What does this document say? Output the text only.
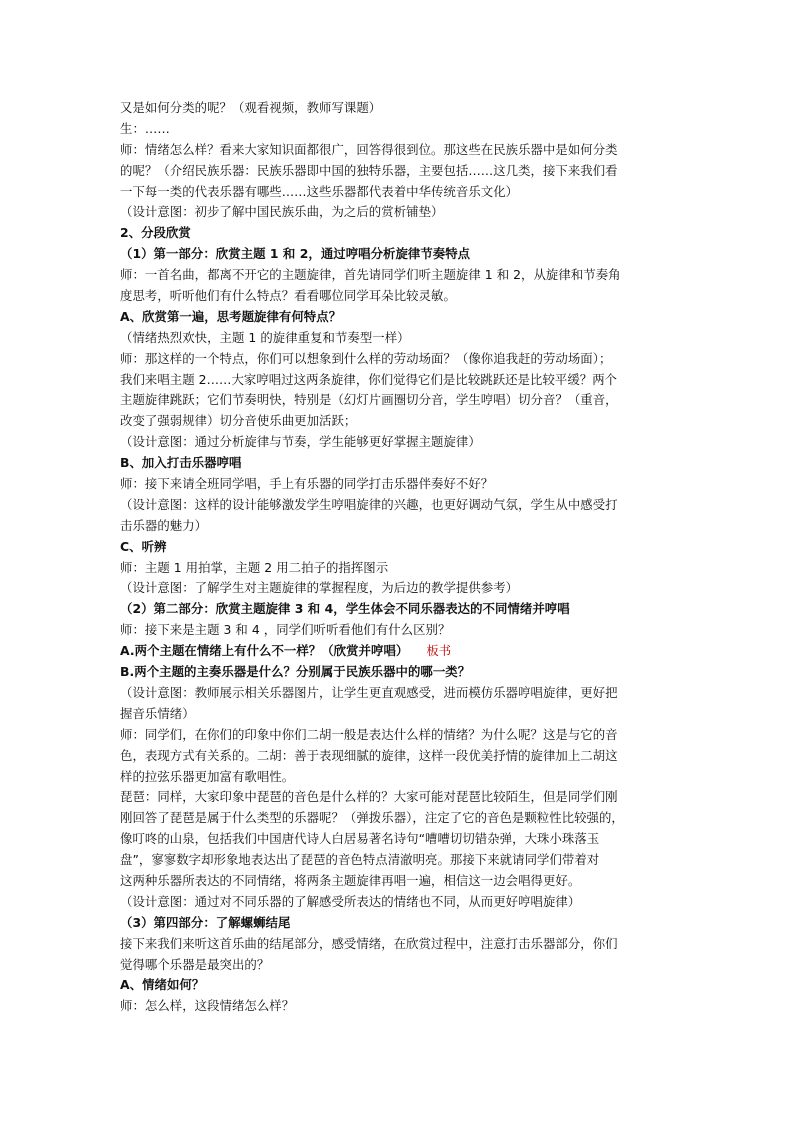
又是如何分类的呢？（观看视频，教师写课题）
生：……
师：情绪怎么样？看来大家知识面都很广，回答得很到位。那这些在民族乐器中是如何分类
的呢？（介绍民族乐器：民族乐器即中国的独特乐器，主要包括……这几类，接下来我们看
一下每一类的代表乐器有哪些……这些乐器都代表着中华传统音乐文化）
（设计意图：初步了解中国民族乐曲，为之后的赏析铺垫）
2、分段欣赏
（1）第一部分：欣赏主题 1 和 2，通过哼唱分析旋律节奏特点
师：一首名曲，都离不开它的主题旋律，首先请同学们听主题旋律 1 和 2，从旋律和节奏角
度思考，听听他们有什么特点？看看哪位同学耳朵比较灵敏。
A、欣赏第一遍，思考题旋律有何特点？
（情绪热烈欢快，主题 1 的旋律重复和节奏型一样）
师：那这样的一个特点，你们可以想象到什么样的劳动场面？（像你追我赶的劳动场面）；
我们来唱主题 2……大家哼唱过这两条旋律，你们觉得它们是比较跳跃还是比较平缓？两个
主题旋律跳跃；它们节奏明快，特别是（幻灯片画圈切分音，学生哼唱）切分音？（重音，
改变了强弱规律）切分音使乐曲更加活跃；
（设计意图：通过分析旋律与节奏，学生能够更好掌握主题旋律）
B、加入打击乐器哼唱
师：接下来请全班同学唱，手上有乐器的同学打击乐器伴奏好不好？
（设计意图：这样的设计能够激发学生哼唱旋律的兴趣，也更好调动气氛，学生从中感受打
击乐器的魅力）
C、听辨
师：主题 1 用拍掌，主题 2 用二拍子的指挥图示
（设计意图：了解学生对主题旋律的掌握程度，为后边的教学提供参考）
（2）第二部分：欣赏主题旋律 3 和 4，学生体会不同乐器表达的不同情绪并哼唱
师：接下来是主题 3 和 4 ，同学们听听看他们有什么区别？
A.两个主题在情绪上有什么不一样？（欣赏并哼唱） 板书
B.两个主题的主奏乐器是什么？分别属于民族乐器中的哪一类？
（设计意图：教师展示相关乐器图片，让学生更直观感受，进而模仿乐器哼唱旋律，更好把
握音乐情绪）
师：同学们，在你们的印象中你们二胡一般是表达什么样的情绪？为什么呢？这是与它的音
色，表现方式有关系的。二胡：善于表现细腻的旋律，这样一段优美抒情的旋律加上二胡这
样的拉弦乐器更加富有歌唱性。
琵琶：同样，大家印象中琵琶的音色是什么样的？大家可能对琵琶比较陌生，但是同学们刚
刚回答了琵琶是属于什么类型的乐器呢？（弹拨乐器），注定了它的音色是颗粒性比较强的，
像叮咚的山泉，包括我们中国唐代诗人白居易著名诗句“嘈嘈切切错杂弹，大珠小珠落玉
盘”，寥寥数字却形象地表达出了琵琶的音色特点清澈明亮。那接下来就请同学们带着对
这两种乐器所表达的不同情绪，将两条主题旋律再唱一遍，相信这一边会唱得更好。
（设计意图：通过对不同乐器的了解感受所表达的情绪也不同，从而更好哼唱旋律）
（3）第四部分：了解螺蛳结尾
接下来我们来听这首乐曲的结尾部分，感受情绪，在欣赏过程中，注意打击乐器部分，你们
觉得哪个乐器是最突出的？
A、情绪如何？
师：怎么样，这段情绪怎么样？
